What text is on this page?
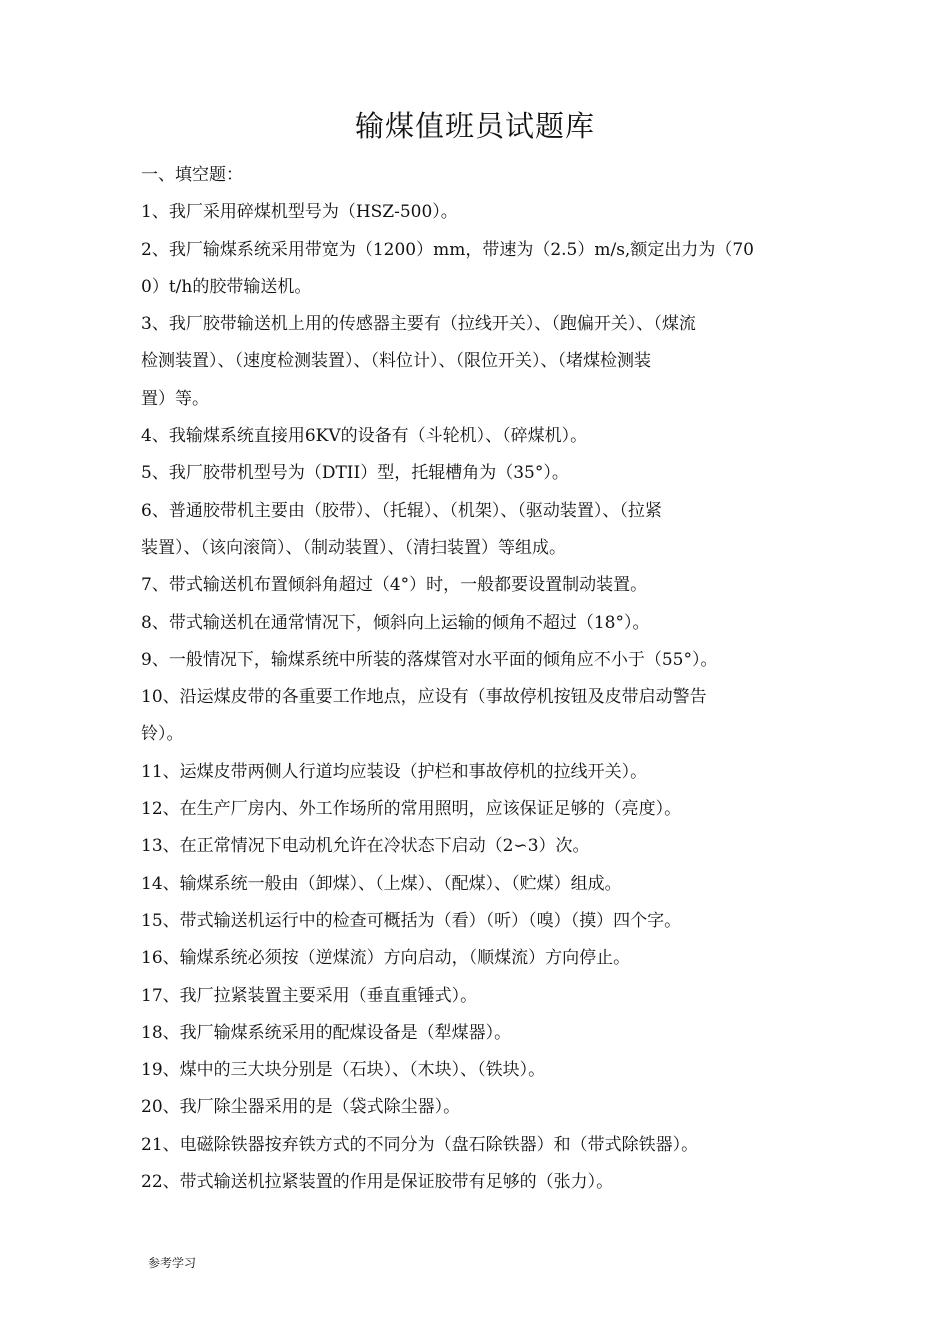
输煤值班员试题库
一、填空题：
1、我厂采用碎煤机型号为（HSZ-500）。
2、我厂输煤系统采用带宽为（1200）mm，带速为（2.5）m/s,额定出力为（70
0）t/h的胶带输送机。
3、我厂胶带输送机上用的传感器主要有（拉线开关）、（跑偏开关）、（煤流
检测装置）、（速度检测装置）、（料位计）、（限位开关）、（堵煤检测装
置）等。
4、我输煤系统直接用6KV的设备有（斗轮机）、（碎煤机）。
5、我厂胶带机型号为（DTII）型，托辊槽角为（35°）。
6、普通胶带机主要由（胶带）、（托辊）、（机架）、（驱动装置）、（拉紧
装置）、（该向滚筒）、（制动装置）、（清扫装置）等组成。
7、带式输送机布置倾斜角超过（4°）时，一般都要设置制动装置。
8、带式输送机在通常情况下，倾斜向上运输的倾角不超过（18°）。
9、一般情况下，输煤系统中所装的落煤管对水平面的倾角应不小于（55°）。
10、沿运煤皮带的各重要工作地点，应设有（事故停机按钮及皮带启动警告
铃）。
11、运煤皮带两侧人行道均应装设（护栏和事故停机的拉线开关）。
12、在生产厂房内、外工作场所的常用照明，应该保证足够的（亮度）。
13、在正常情况下电动机允许在冷状态下启动（2∽3）次。
14、输煤系统一般由（卸煤）、（上煤）、（配煤）、（贮煤）组成。
15、带式输送机运行中的检查可概括为（看）（听）（嗅）（摸）四个字。
16、输煤系统必须按（逆煤流）方向启动，（顺煤流）方向停止。
17、我厂拉紧装置主要采用（垂直重锤式）。
18、我厂输煤系统采用的配煤设备是（犁煤器）。
19、煤中的三大块分别是（石块）、（木块）、（铁块）。
20、我厂除尘器采用的是（袋式除尘器）。
21、电磁除铁器按弃铁方式的不同分为（盘石除铁器）和（带式除铁器）。
22、带式输送机拉紧装置的作用是保证胶带有足够的（张力）。
参考学习
